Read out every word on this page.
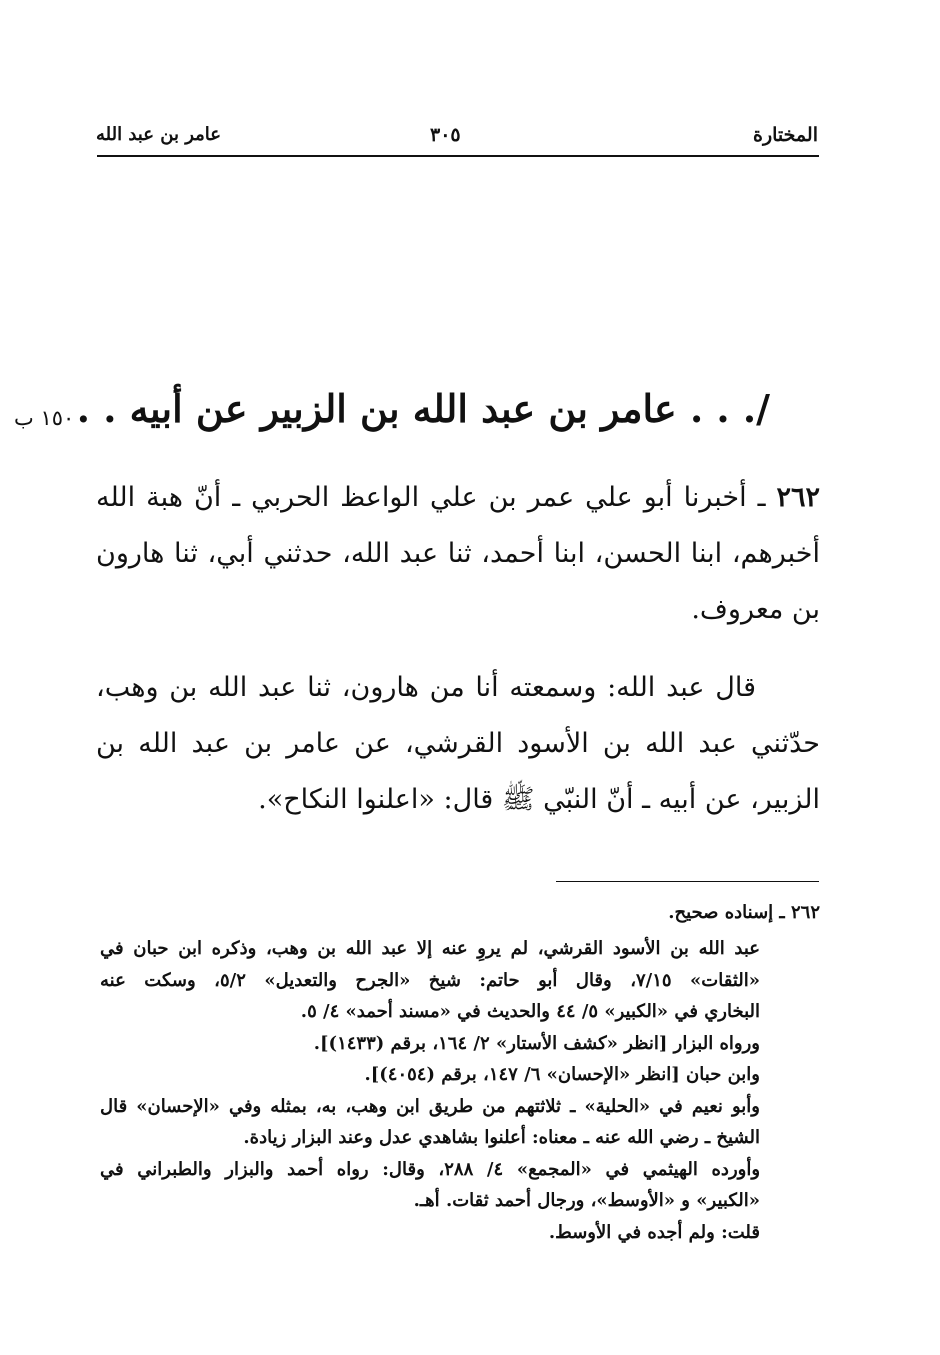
المختارة
٣٠٥
عامر بن عبد الله
١٥٠ ب /. . . عامر بن عبد الله بن الزبير عن أبيه . .
٢٦٢ ـ أخبرنا أبو علي عمر بن علي الواعظ الحربي ـ أنّ هبة الله أخبرهم، ابنا الحسن، ابنا أحمد، ثنا عبد الله، حدثني أبي، ثنا هارون بن معروف.
قال عبد الله: وسمعته أنا من هارون، ثنا عبد الله بن وهب، حدّثني عبد الله بن الأسود القرشي، عن عامر بن عبد الله بن الزبير، عن أبيه ـ أنّ النبّي ﷺ قال: «اعلنوا النكاح».
٢٦٢ ـ إسناده صحيح.
عبد الله بن الأسود القرشي، لم يروِ عنه إلا عبد الله بن وهب، وذكره ابن حبان في
«الثقات» ٧/١٥، وقال أبو حاتم: شيخ «الجرح والتعديل» ٥/٢، وسكت عنه
البخاري في «الكبير» ٥/ ٤٤ والحديث في «مسند أحمد» ٤/ ٥.
ورواه البزار [انظر «كشف الأستار» ٢/ ١٦٤، برقم (١٤٣٣)].
وابن حبان [انظر «الإحسان» ٦/ ١٤٧، برقم (٤٠٥٤)].
وأبو نعيم في «الحلية» ـ ثلاثتهم من طريق ابن وهب، به، بمثله وفي «الإحسان» قال
الشيخ ـ رضي الله عنه ـ معناه: أعلنوا بشاهدي عدل وعند البزار زيادة.
وأورده الهيثمي في «المجمع» ٤/ ٢٨٨، وقال: رواه أحمد والبزار والطبراني في
«الكبير» و «الأوسط»، ورجال أحمد ثقات. أهـ.
قلت: ولم أجده في الأوسط.
